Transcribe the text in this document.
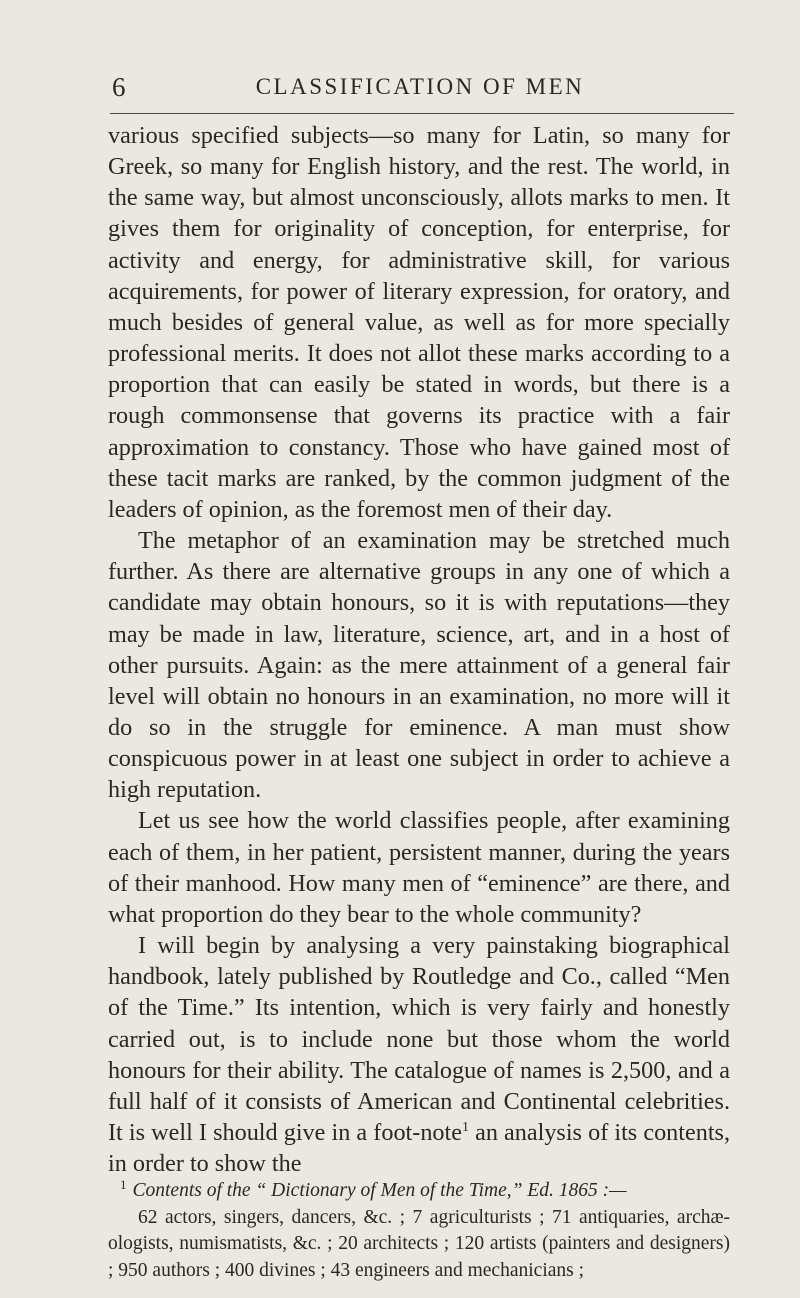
6	CLASSIFICATION OF MEN

various specified subjects—so many for Latin, so many for Greek, so many for English history, and the rest. The world, in the same way, but almost unconsciously, allots marks to men. It gives them for originality of conception, for enterprise, for activity and energy, for administrative skill, for various acquirements, for power of literary expression, for oratory, and much besides of general value, as well as for more specially professional merits. It does not allot these marks according to a proportion that can easily be stated in words, but there is a rough commonsense that governs its practice with a fair approximation to constancy. Those who have gained most of these tacit marks are ranked, by the common judgment of the leaders of opinion, as the foremost men of their day.

The metaphor of an examination may be stretched much further. As there are alternative groups in any one of which a candidate may obtain honours, so it is with reputations—they may be made in law, literature, science, art, and in a host of other pursuits. Again: as the mere attainment of a general fair level will obtain no honours in an examination, no more will it do so in the struggle for eminence. A man must show conspicuous power in at least one subject in order to achieve a high reputation.

Let us see how the world classifies people, after examining each of them, in her patient, persistent manner, during the years of their manhood. How many men of “eminence” are there, and what proportion do they bear to the whole community?

I will begin by analysing a very painstaking biographical handbook, lately published by Routledge and Co., called “Men of the Time.” Its intention, which is very fairly and honestly carried out, is to include none but those whom the world honours for their ability. The catalogue of names is 2,500, and a full half of it consists of American and Continental celebrities. It is well I should give in a foot-note$^1$ an analysis of its contents, in order to show the

$^1$ Contents of the “ Dictionary of Men of the Time,” Ed. 1865 :—

62 actors, singers, dancers, &c. ; 7 agriculturists ; 71 antiquaries, archæologists, numismatists, &c. ; 20 architects ; 120 artists (painters and designers) ; 950 authors ; 400 divines ; 43 engineers and mechanicians ;
